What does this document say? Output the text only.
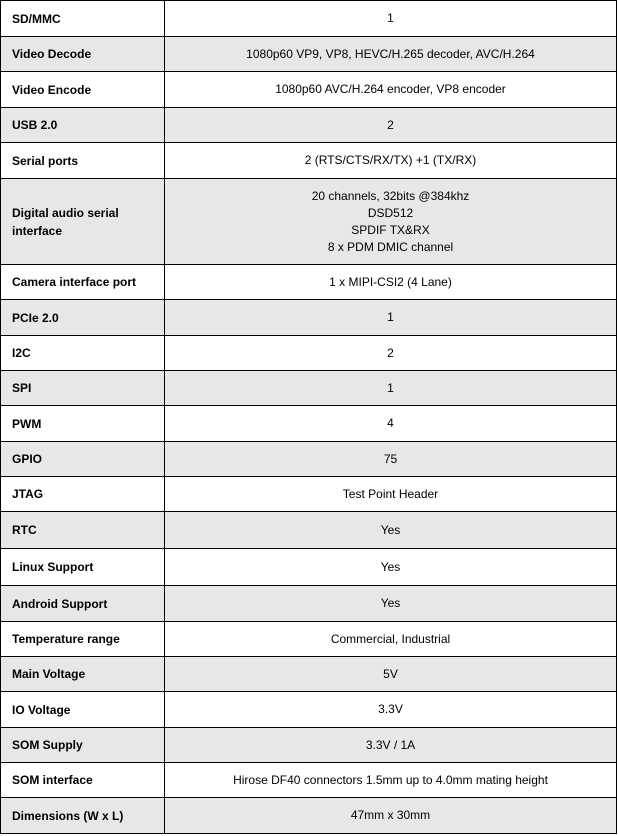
SD/MMC	1

Video Decode	1080p60 VP9, VP8, HEVC/H.265 decoder, AVC/H.264

Video Encode	1080p60 AVC/H.264 encoder, VP8 encoder

USB 2.0	2

Serial ports	2 (RTS/CTS/RX/TX) +1 (TX/RX)

Digital audio serial interface	20 channels, 32bits @384khz
DSD512
SPDIF TX&RX
8 x PDM DMIC channel

Camera interface port	1 x MIPI-CSI2 (4 Lane)

PCIe 2.0	1

I2C	2

SPI	1

PWM	4

GPIO	75

JTAG	Test Point Header

RTC	Yes

Linux Support	Yes

Android Support	Yes

Temperature range	Commercial, Industrial

Main Voltage	5V

IO Voltage	3.3V

SOM Supply	3.3V / 1A

SOM interface	Hirose DF40 connectors 1.5mm up to 4.0mm mating height

Dimensions (W x L)	47mm x 30mm
